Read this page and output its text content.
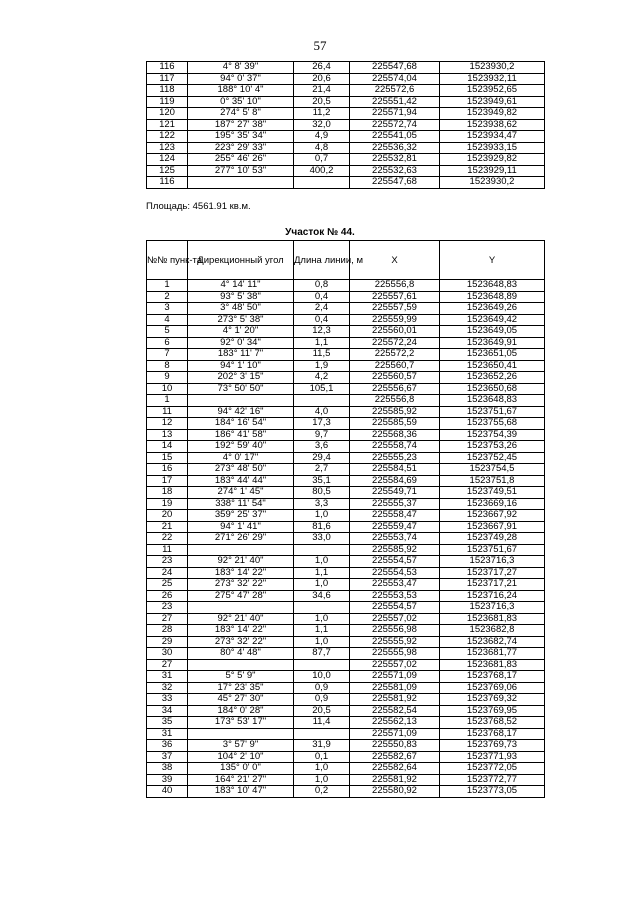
57
116	4° 8' 39"	26,4	225547,68	1523930,2
117	94° 0' 37"	20,6	225574,04	1523932,11
118	188° 10' 4"	21,4	225572,6	1523952,65
119	0° 35' 10"	20,5	225551,42	1523949,61
120	274° 5' 8"	11,2	225571,94	1523949,82
121	187° 27' 38"	32,0	225572,74	1523938,62
122	195° 35' 34"	4,9	225541,05	1523934,47
123	223° 29' 33"	4,8	225536,32	1523933,15
124	255° 46' 26"	0,7	225532,81	1523929,82
125	277° 10' 53"	400,2	225532,63	1523929,11
116			225547,68	1523930,2
Площадь: 4561.91 кв.м.
Участок № 44.
№№ пунк-та	Дирекционный угол	Длина линии, м	X	Y
1	4° 14' 11"	0,8	225556,8	1523648,83
2	93° 5' 38"	0,4	225557,61	1523648,89
3	3° 48' 50"	2,4	225557,59	1523649,26
4	273° 5' 38"	0,4	225559,99	1523649,42
5	4° 1' 20"	12,3	225560,01	1523649,05
6	92° 0' 34"	1,1	225572,24	1523649,91
7	183° 11' 7"	11,5	225572,2	1523651,05
8	94° 1' 10"	1,9	225560,7	1523650,41
9	202° 3' 15"	4,2	225560,57	1523652,26
10	73° 50' 50"	105,1	225556,67	1523650,68
1			225556,8	1523648,83
11	94° 42' 16"	4,0	225585,92	1523751,67
12	184° 16' 54"	17,3	225585,59	1523755,68
13	186° 41' 58"	9,7	225568,36	1523754,39
14	192° 59' 40"	3,6	225558,74	1523753,26
15	4° 0' 17"	29,4	225555,23	1523752,45
16	273° 48' 50"	2,7	225584,51	1523754,5
17	183° 44' 44"	35,1	225584,69	1523751,8
18	274° 1' 45"	80,5	225549,71	1523749,51
19	338° 11' 54"	3,3	225555,37	1523669,16
20	359° 25' 37"	1,0	225558,47	1523667,92
21	94° 1' 41"	81,6	225559,47	1523667,91
22	271° 26' 29"	33,0	225553,74	1523749,28
11			225585,92	1523751,67
23	92° 21' 40"	1,0	225554,57	1523716,3
24	183° 14' 22"	1,1	225554,53	1523717,27
25	273° 32' 22"	1,0	225553,47	1523717,21
26	275° 47' 28"	34,6	225553,53	1523716,24
23			225554,57	1523716,3
27	92° 21' 40"	1,0	225557,02	1523681,83
28	183° 14' 22"	1,1	225556,98	1523682,8
29	273° 32' 22"	1,0	225555,92	1523682,74
30	80° 4' 48"	87,7	225555,98	1523681,77
27			225557,02	1523681,83
31	5° 5' 9"	10,0	225571,09	1523768,17
32	17° 23' 35"	0,9	225581,09	1523769,06
33	45° 27' 30"	0,9	225581,92	1523769,32
34	184° 0' 28"	20,5	225582,54	1523769,95
35	173° 53' 17"	11,4	225562,13	1523768,52
31			225571,09	1523768,17
36	3° 57' 9"	31,9	225550,83	1523769,73
37	104° 2' 10"	0,1	225582,67	1523771,93
38	135° 0' 0"	1,0	225582,64	1523772,05
39	164° 21' 27"	1,0	225581,92	1523772,77
40	183° 10' 47"	0,2	225580,92	1523773,05
